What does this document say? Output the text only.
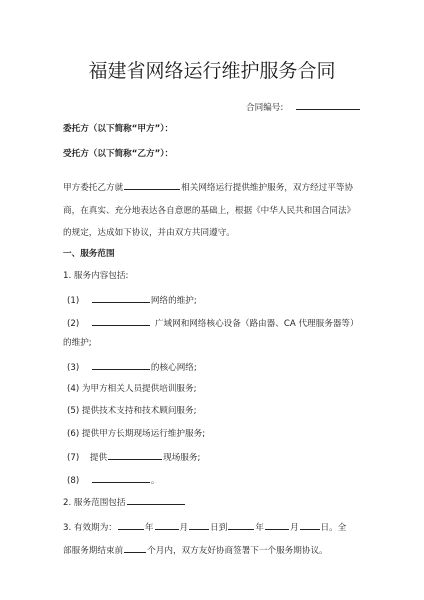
福建省网络运行维护服务合同
合同编号:
委托方（以下简称“甲方”）：
受托方（以下简称“乙方”）：
甲方委托乙方就	相关网络运行提供维护服务，双方经过平等协
商，在真实、充分地表达各自意愿的基础上，根据《中华人民共和国合同法》
的规定，达成如下协议，并由双方共同遵守。
一、服务范围
1. 服务内容包括:
(1)	网络的维护;
(2)	广域网和网络核心设备（路由器、CA 代理服务器等）
的维护;
(3)	的核心网络;
(4) 为甲方相关人员提供培训服务;
(5) 提供技术支持和技术顾问服务;
(6) 提供甲方长期现场运行维护服务;
(7) 提供	现场服务;
(8)	。
2. 服务范围包括
3. 有效期为：	年	月	日到	年	月	日。全
部服务期结束前	个月内，双方友好协商签署下一个服务期协议。
